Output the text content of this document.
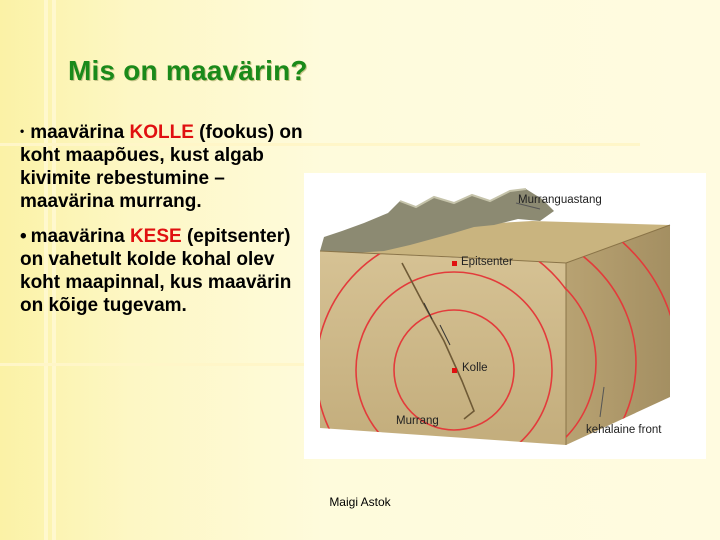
Mis on maavärin?

• maavärina KOLLE (fookus) on koht maapõues, kust algab kivimite rebestumine – maavärina murrang.

• maavärina KESE (epitsenter) on vahetult kolde kohal olev koht maapinnal, kus maavärin on kõige tugevam.

Murranguastang
Epitsenter
Kolle
Murrang
kehalaine front
Maigi Astok
